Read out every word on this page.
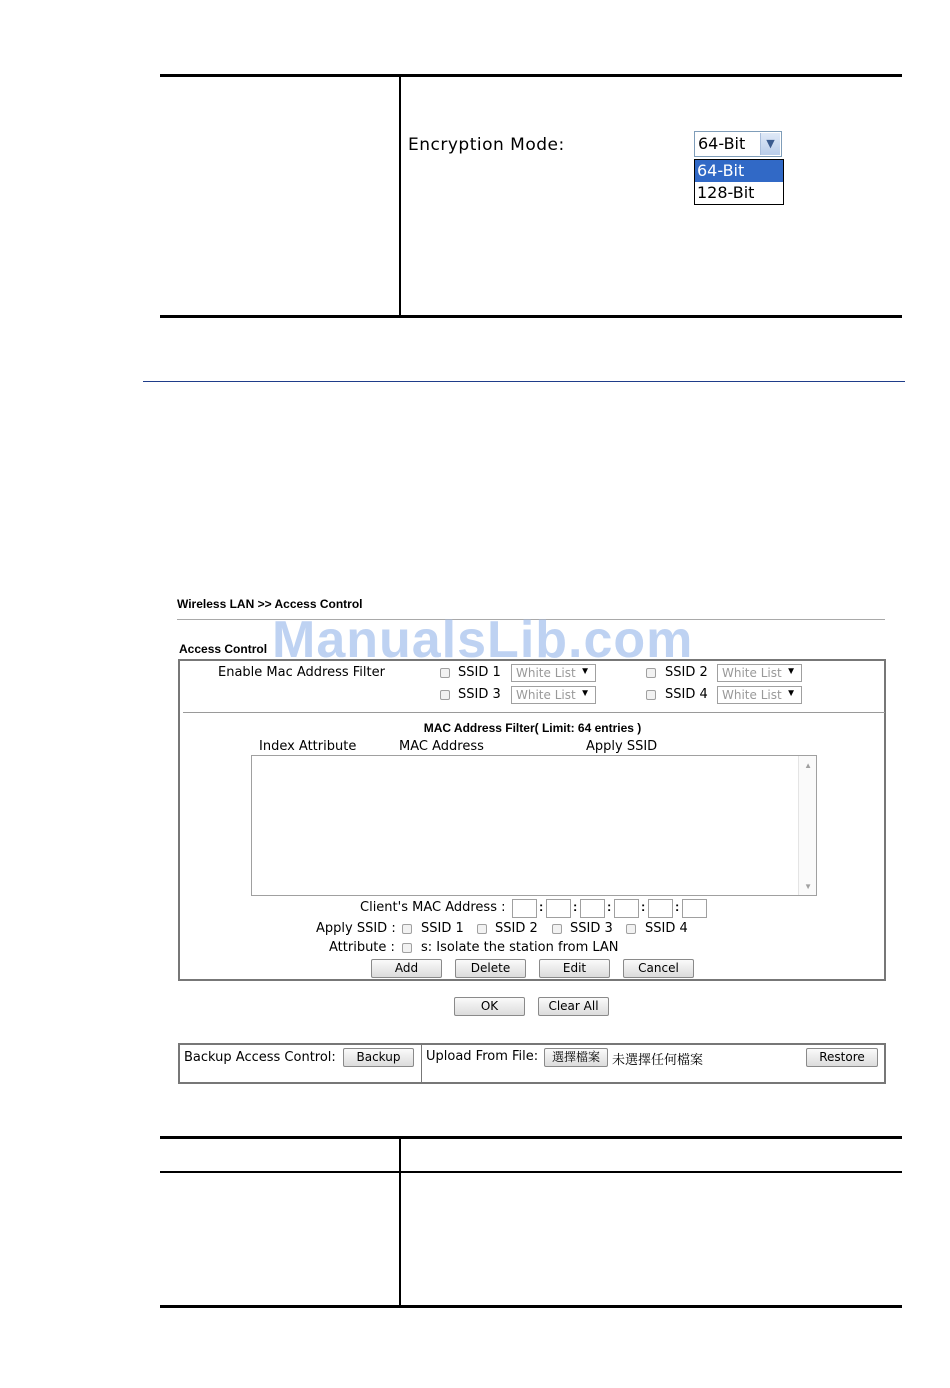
Encryption Mode:	64-Bit	▼
64-Bit
128-Bit
Wireless LAN >> Access Control
Access Control
Enable Mac Address Filter	SSID 1 White List ▼	SSID 2 White List ▼
SSID 3 White List ▼	SSID 4 White List ▼
MAC Address Filter( Limit: 64 entries )
Index Attribute	MAC Address	Apply SSID
▲
▼
Client's MAC Address :	: : : : :
Apply SSID : SSID 1 SSID 2 SSID 3 SSID 4
Attribute : s: Isolate the station from LAN
Add	Delete	Edit	Cancel
OK	Clear All
Backup Access Control:	Backup	Upload From File:	選擇檔案 未選擇任何檔案	Restore
ManualsLib.com
